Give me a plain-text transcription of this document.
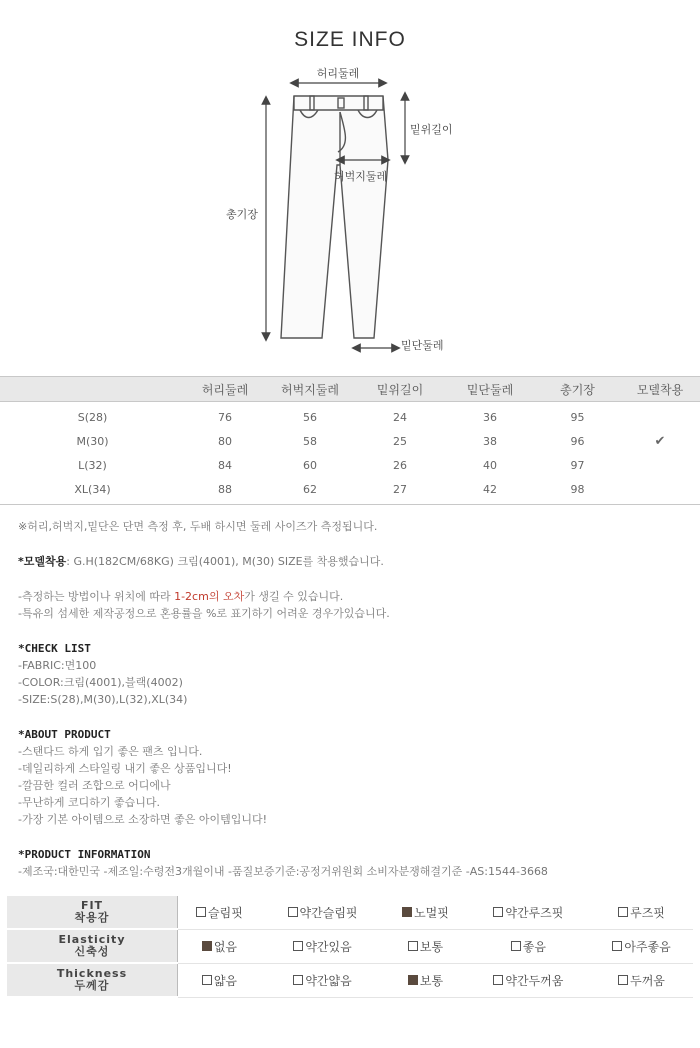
SIZE INFO
허리둘레
밑위길이
허벅지둘레
총기장
밑단둘레
	허리둘레	허벅지둘레	밑위길이	밑단둘레	총기장	모델착용
S(28)	76	56	24	36	95	
M(30)	80	58	25	38	96	✔
L(32)	84	60	26	40	97	
XL(34)	88	62	27	42	98	
※허리,허벅지,밑단은 단면 측정 후, 두배 하시면 둘레 사이즈가 측정됩니다.
*모델착용: G.H(182CM/68KG) 크림(4001), M(30) SIZE를 착용했습니다.
-측정하는 방법이나 위치에 따라 1-2cm의 오차가 생길 수 있습니다.
-특유의 섬세한 제작공정으로 혼용률을 %로 표기하기 어려운 경우가있습니다.
*CHECK LIST
-FABRIC:면100
-COLOR:크림(4001),블랙(4002)
-SIZE:S(28),M(30),L(32),XL(34)
*ABOUT PRODUCT
-스탠다드 하게 입기 좋은 팬츠 입니다.
-데일리하게 스타일링 내기 좋은 상품입니다!
-깔끔한 컬러 조합으로 어디에나
-무난하게 코디하기 좋습니다.
-가장 기본 아이템으로 소장하면 좋은 아이템입니다!
*PRODUCT INFORMATION
-제조국:대한민국 -제조일:수령전3개월이내 -품질보증기준:공정거위원회 소비자분쟁해결기준 -AS:1544-3668
FIT
착용감	슬림핏	약간슬림핏	노멀핏	약간루즈핏	루즈핏

Elasticity
신축성	없음	약간있음	보통	좋음	아주좋음

Thickness
두께감	얇음	약간얇음	보통	약간두꺼움	두꺼움
